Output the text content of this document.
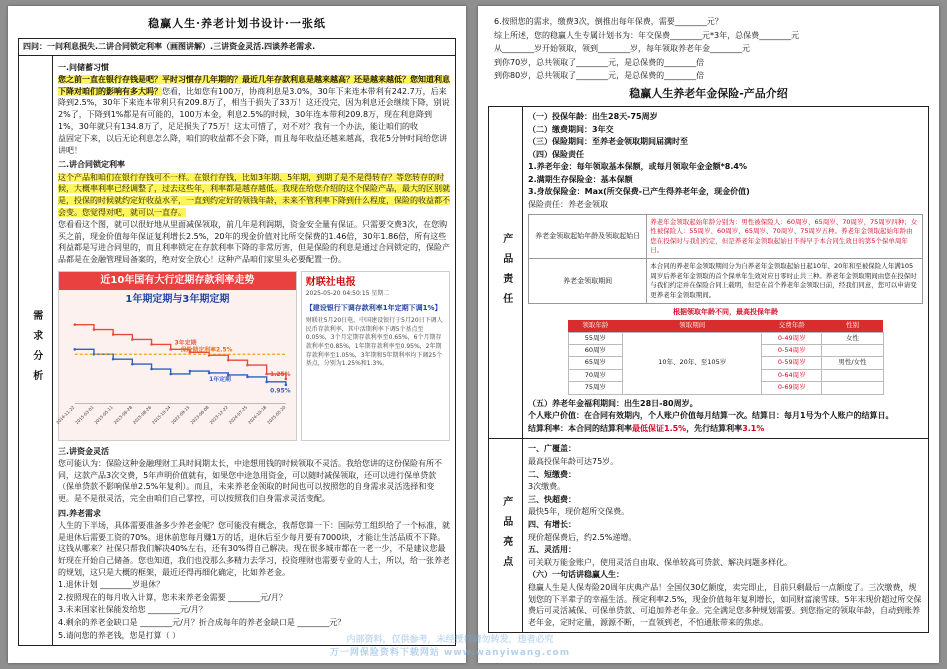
稳赢人生·养老计划书设计·一张纸
四问：一问利息损失.二讲合同锁定利率（画图讲解）.三讲资金灵活.四谈养老需求.
需求分析
一.问储蓄习惯

您之前一直在银行存钱是吧？平时习惯存几年期的？最近几年存款利息是越来越高？还是越来越低？您知道利息下降对咱们的影响有多大吗？您看，比如您有100万，协商利息是3.0%，30年下来连本带利有242.7万，后来降到2.5%，30年下来连本带利只有209.8万了，相当于损失了33万！这还没完，因为利息还会继续下降，别说2%了，下降到1%都是有可能的，100万本金，利息2.5%的时候，30年连本带利209.8万，现在利息降到1%，30年就只有134.8万了，足足损失了75万！这太可惜了，对不对？我有一个办法，能让咱们的收

益固定下来，以后无论利息怎么降，咱们的收益都不会下降，而且每年收益还越来越高，我花5分钟时间给您讲讲吧！

二.讲合同锁定利率

这个产品和咱们在银行存钱可不一样。在银行存钱，比如3年期、5年期，到期了是不是得转存？等您转存的时候，大概率利率已经调整了，过去这些年，利率都是越存越低。我现在给您介绍的这个保险产品，最大的区别就是，投保的时候就约定好收益水平，一直到约定好的领钱年龄，未来不管利率下降到什么程度，保险的收益都不会变。您觉得对吧，就可以一直存。

您看看这个图，就可以很好地从里面减保领取，前几年是利润期，资金安全量有保证。只需要交费3次，在您购买之前，现金价值每年保证复利增长2.5%，20年的现金价值对比所交保费的1.46倍，30年1.86倍，所有这些利益都是写进合同里的，而且利率锁定在存款利率下降的非常厉害，但是保险的利息是通过合同锁定的，保险产品都是在金融管理局备案的，绝对安全放心！这种产品咱们家里头必要配置一份。

近10年国有大行定期存款利率走势
1年期定期与3年期定期
2014-11-22
2015-03-01
2015-05-11
2015-06-28
2015-08-26
2015-10-24
2022-09-15
2023-06-08
2023-12-22
2024-07-25
2024-10-18
2025-05-20
3年定期
1年定期
保险锁定利率2.5%
1.25%
0.95%
财联社电报
2025-05-20 04:50:15 星期二
【建设银行下调存款利率1年定期下调1%】
财联社5月20日电，中国建设银行于5月20日下调人民币存款利率，其中活期利率下调5个基点至0.05%，3个月定期存款利率至0.65%，6个月期存款利率至0.85%，1年期存款利率至0.95%，2年期存款利率至1.05%，3年期和5年期利率均下调25个基点，分别为1.25%和1.3%。
三.讲资金灵活

您可能认为：保险这种金融理财工具时间期太长，中途想用钱的时候领取不灵活。我给您讲的这份保险有所不同，这款产品3次交费，5年声明价值就有，如果您中途急用资金，可以随时减保领取，还可以进行保单贷款（保单贷款不影响保单2.5%年复利）。而且，未来养老金领取的时间也可以按照您的自身需求灵活选择和变更。是不是很灵活，完全由咱们自己掌控，可以按照我们自身需求灵活变配。

四.养老需求

人生的下半场，具体需要准备多少养老金呢？您可能没有概念，我帮您算一下：国际劳工组织给了一个标准，就是退休后需要工资的70%。退休前您每月赚1万的话，退休后至少每月要有7000块，才能让生活品质不下降。这钱从哪来？社保只帮我们解决40%左右，还有30%得自己解决。现在很多城市都在一老一少，不是建议您最好现在开始自己储备。您也知道，我们也没那么多精力去学习，投资理财也需要专业的人士，所以，给一张养老的规划，这只是大概的框架，最近还得再细化确定，比如养老金。

1.退休计划 ________岁退休？

2.按照现在的每月收入计算，您未来养老金需要 ________元/月？

3.未来国家社保能发给您 ________元/月？

4.剩余的养老金缺口是 ________元/月？折合成每年的养老金缺口是 ________元？

5.请问您的养老钱，您是打算（ ）

6.按照您的需求，缴费3次，倒推出每年保费，需要________元？

综上所述，您的稳赢人生专属计划书为：年交保费________元*3年，总保费________元

从________岁开始领取，领到________岁，每年领取养老年金________元

到你70岁，总共领取了________元，是总保费的________倍

到你80岁，总共领取了________元，是总保费的________倍

稳赢人生养老年金保险-产品介绍
产品责任

（一）投保年龄：出生28天-75周岁

（二）缴费期间：3年交

（三）保险期间：至养老金领取期间届满时至

（四）保险责任

1.养老年金：每年领取基本保额，或每月领取年金金额*8.4%

2.满期生存保险金：基本保额

3.身故保险金：Max(所交保费-已产生得养老年金，现金价值)

保险责任：养老金领取

养老金领取起始年龄及领取起始日	养老年金领取起始年龄分别为：男性被保险人：60周岁、65周岁、70周岁、75周岁四种；女性被保险人：55周岁、60周岁、65周岁、70周岁、75周岁五种。养老年金领取起始年龄由您在投保时与我们约定，但是养老年金领取起始日不得早于本合同生效日的第5个保单周年日。
养老金领取期间	本合同的养老年金领取期间分为自养老年金领取起始日起10年、20年和至被保险人年满105周岁后养老年金领取的首个保单年生效对应日零时止共三种。养老年金领取期间由您在投保时与我们约定并在保险合同上载明，但是在首个养老年金领取日前，经我们同意，您可以申请变更养老年金领取期间。
根据领取年龄不同，最高投保年龄
领取年龄	领取期间	交费年龄	性别
55周岁	10年、20年、至105岁	0-49周岁	女性
60周岁		0-54周岁	
65周岁		0-59周岁	男性/女性
70周岁		0-64周岁	
75周岁		0-69周岁	

（五）养老年金福利期间：出生28日-80周岁。

个人账户价值：在合同有效期内，个人账户价值每月结算一次。结算日：每月1号为个人账户的结算日。

结算利率：本合同的结算利率最低保证1.5%，先行结算利率3.1%

产品亮点

一、广覆盖：

最高投保年龄可达75岁。

二、短缴费：

3次缴费。

三、快超费：

最快5年，现价超所交保费。

四、有增长：

现价超保费后，约2.5%递增。

五、灵活用：

可关联万能金账户，使用灵活自由取、保单较高可贷款、解决问题多样化。

（六）一句话讲稳赢人生：

稳赢人生是人保寿险20周年庆典产品！全国仅30亿额度，卖完即止，目前只剩最后一点额度了。三次缴费，规划您的下半辈子的幸福生活。预定利率2.5%，现金价值每年复利增长，如同财富滚雪球。5年末现价超过所交保费后可灵活减保、可保单贷款、可追加养老年金。完全满足您多种规划需要。到您指定的领取年龄，自动到账养老年金，定时定量，源源不断，一直领到老，不怕通胀带来的焦虑。

内部资料，仅供参考，未经授权请勿转发，违者必究
万一网保险资料下载网站 www.wanyiwang.com
